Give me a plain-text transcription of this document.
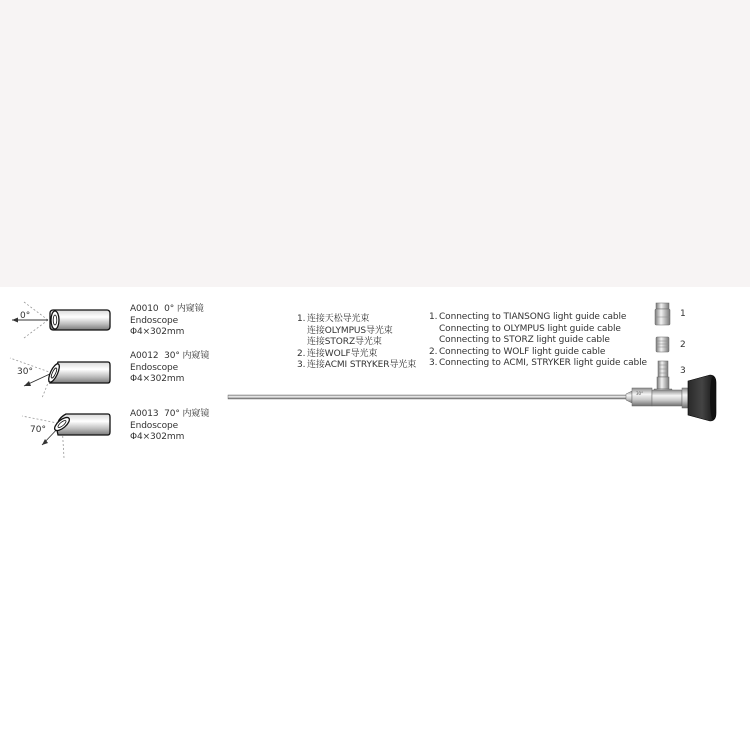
0°
30°
70°
A0010 0° 内窥镜
Endoscope
Φ4×302mm
A0012 30° 内窥镜
Endoscope
Φ4×302mm
A0013 70° 内窥镜
Endoscope
Φ4×302mm
1. 连接天松导光束
连接OLYMPUS导光束
连接STORZ导光束
2. 连接WOLF导光束
3. 连接ACMI STRYKER导光束
1. Connecting to TIANSONG light guide cable
Connecting to OLYMPUS light guide cable
Connecting to STORZ light guide cable
2. Connecting to WOLF light guide cable
3. Connecting to ACMI, STRYKER light guide cable
30°
1
2
3
